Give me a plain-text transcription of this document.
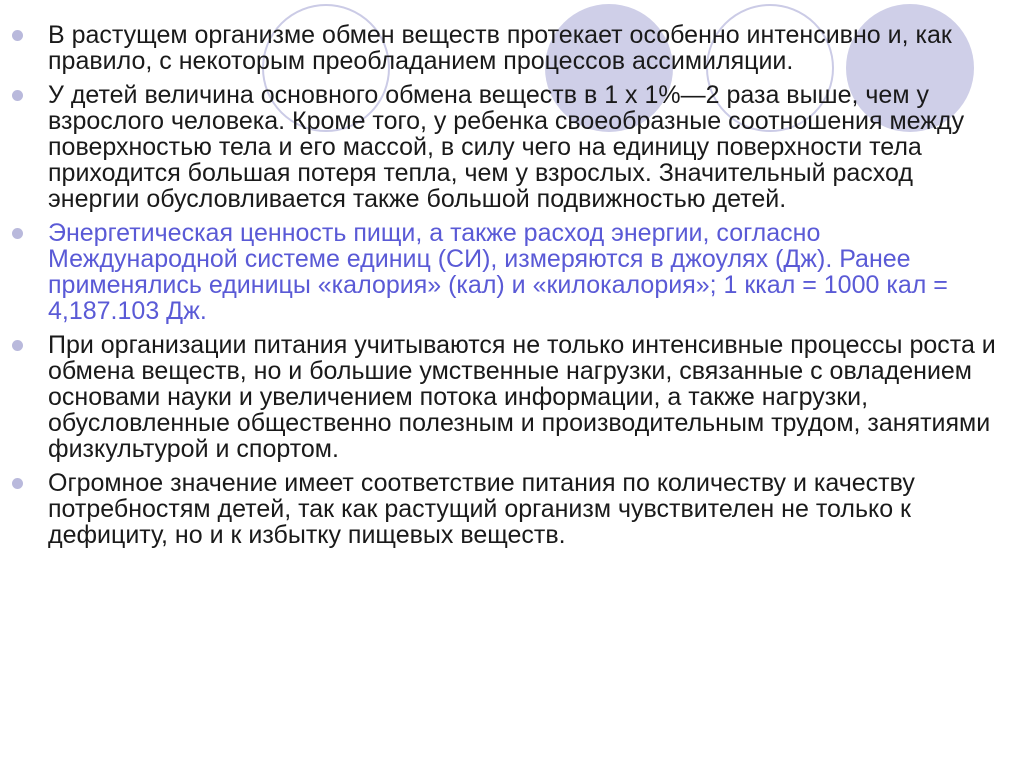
В растущем организме обмен веществ протекает особенно интенсивно и, как правило, с некоторым преобладанием процессов ассимиляции.
У детей величина основного обмена веществ в 1 х 1%—2 раза выше, чем у взрослого человека. Кроме того, у ребенка своеобразные соотношения между поверхностью тела и его массой, в силу чего на единицу поверхности тела приходится большая потеря тепла, чем у взрослых. Значительный расход энергии обусловливается также большой подвижностью детей.
Энергетическая ценность пищи, а также расход энергии, согласно Международной системе единиц (СИ), измеряются в джоулях (Дж). Ранее применялись единицы «калория» (кал) и «килокалория»; 1 ккал = 1000 кал = 4,187.103 Дж.
При организации питания учитываются не только интенсивные процессы роста и обмена веществ, но и большие умственные нагрузки, связанные с овладением основами науки и увеличением потока информации, а также нагрузки, обусловленные общественно полезным и производительным трудом, занятиями физкультурой и спортом.
Огромное значение имеет соответствие питания по количеству и качеству потребностям детей, так как растущий организм чувствителен не только к дефициту, но и к избытку пищевых веществ.
